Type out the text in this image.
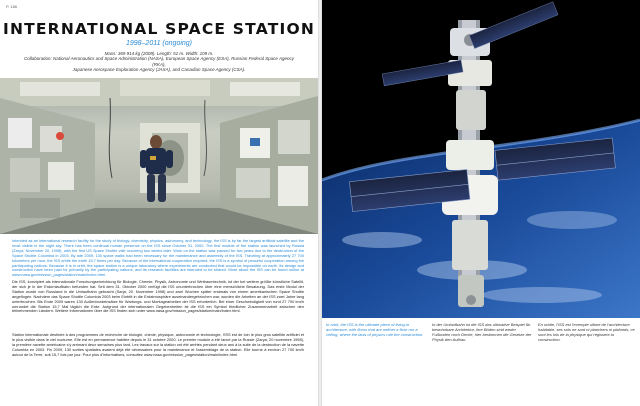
P. 186
INTERNATIONAL SPACE STATION
1998–2011 (ongoing)
Mass: 369 914 kg (2009). Length: 51 m. Width: 109 m.
Collaboration: National Aeronautics and Space Administration (NASA), European Space Agency (ESA), Russian Federal Space Agency (RKA),
Japanese Aerospace Exploration Agency (JAXA), and Canadian Space Agency (CSA).

Intended as an international research facility for the study of biology, chemistry, physics, astronomy, and technology, the ISS is by far the largest artificial satellite and the most visible in the night sky. There has been continual human presence on the ISS since October 31, 2000. The first module of the station was launched by Russia (Zarya, November 20, 1998), with the first US Space Shuttle visit occurring two weeks later. Work on the station was paused for two years due to the destruction of the Space Shuttle Columbia in 2003. By late 2009, 130 space walks had been necessary for the maintenance and assembly of the ISS. Traveling at approximately 27 700 kilometers per hour, the ISS orbits the earth 15.7 times per day. Because of the international cooperation required, the ISS is a symbol of peaceful cooperation among the participating nations. Because it is in orbit, the space station is a unique laboratory where experiments are conducted that would be impossible on earth. Its design and construction have been paid for primarily by the participating nations, and its research facilities are intended to be shared. More about the ISS can be found online at www.nasa.gov/mission_pages/station/main/index.html.

Die ISS, konzipiert als internationale Forschungseinrichtung für Biologie, Chemie, Physik, Astronomie und Weltraumtechnik, ist der bei weitem größte künstliche Satellit, der sich je in der Erdumlaufbahn befunden hat. Seit dem 31. Oktober 2000 verfügt die ISS ununterbrochen über eine menschliche Besatzung. Das erste Modul der Station wurde von Russland in die Umlaufbahn gebracht (Sarja, 20. November 1998) und zwei Wochen später erstmals von einem amerikanischen Space Shuttle angeflogen. Nachdem das Space Shuttle Columbia 2003 beim Eintritt in die Erdatmosphäre auseinandergebrochen war, wurden die Arbeiten an der ISS zwei Jahre lang unterbrochen. Bis Ende 2009 waren 130 Außenbordeinsätze für Wartungs- und Montagearbeiten der ISS erforderlich. Bei einer Geschwindigkeit von rund 27 700 km/h umrundet die Station 15,7 Mal täglich die Erde. Aufgrund der internationalen Gegebenheiten ist die ISS ein Symbol friedlicher Zusammenarbeit zwischen den teilnehmenden Ländern. Weitere Informationen über die ISS finden sich unter www.nasa.gov/mission_pages/station/main/index.html.

Station internationale destinée à des programmes de recherche de biologie, chimie, physique, astronomie et technologie, l'ISS est de loin le plus gros satellite artificiel et le plus visible dans le ciel nocturne. Elle est en permanence habitée depuis le 31 octobre 2000. Le premier module a été lancé par la Russie (Zarya, 20 novembre 1998), la première navette américaine s'y arrimant deux semaines plus tard. Les travaux sur la station ont été arrêtés pendant deux ans à la suite de la destruction de la navette Columbia en 2003. Fin 2009, 130 sorties spatiales avaient déjà été nécessaires pour la maintenance et l'assemblage de la station. Elle tourne à environ 27 700 km/h autour de la Terre, soit 15,7 fois par jour. Pour plus d'informations, consultez www.nasa.gov/mission_pages/station/main/index.html.

In orbit, the ISS is the ultimate piece of living-in architecture, with floors that are neither a floor nor a ceiling, where the laws of physics rule the construction.
In der Umlaufbahn ist die ISS das ultimative Beispiel für bewohnbare Architektur, ihre Böden sind weder Fußboden noch Decke, hier bestimmen die Gesetze der Physik den Aufbau.
En orbite, l'ISS est l'exemple ultime de l'architecture habitable, ses sols ne sont ni planchers ni plafonds, ce sont les lois de la physique qui régissent la construction.
